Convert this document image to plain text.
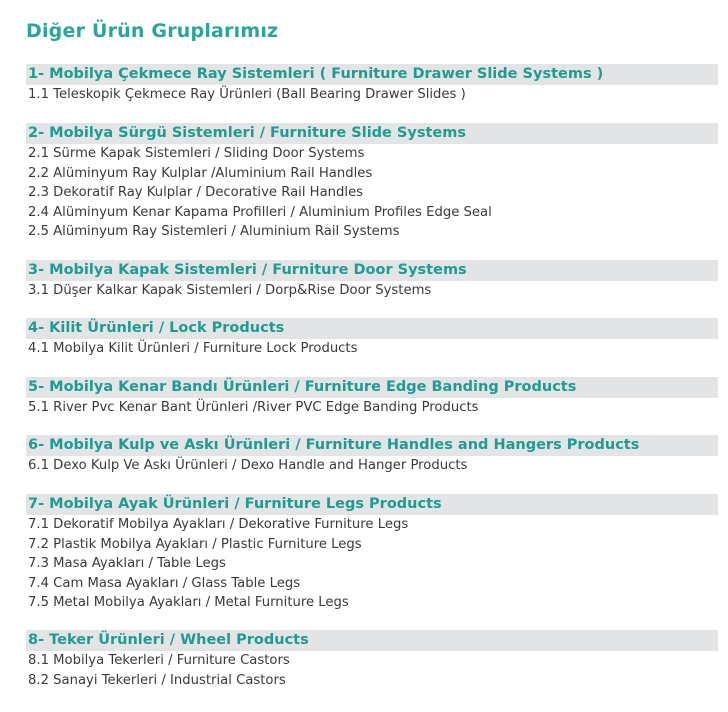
Diğer Ürün Gruplarımız
1- Mobilya Çekmece Ray Sistemleri ( Furniture Drawer Slide Systems )
1.1 Teleskopik Çekmece Ray Ürünleri (Ball Bearing Drawer Slides )
2- Mobilya Sürgü Sistemleri / Furniture Slide Systems
2.1 Sürme Kapak Sistemleri / Sliding Door Systems
2.2 Alüminyum Ray Kulplar /Aluminium Rail Handles
2.3 Dekoratif Ray Kulplar / Decorative Rail Handles
2.4 Alüminyum Kenar Kapama Profilleri / Aluminium Profiles Edge Seal
2.5 Alüminyum Ray Sistemleri / Aluminium Rail Systems
3- Mobilya Kapak Sistemleri / Furniture Door Systems
3.1 Düşer Kalkar Kapak Sistemleri / Dorp&Rise Door Systems
4- Kilit Ürünleri / Lock Products
4.1 Mobilya Kilit Ürünleri / Furniture Lock Products
5- Mobilya Kenar Bandı Ürünleri / Furniture Edge Banding Products
5.1 River Pvc Kenar Bant Ürünleri /River PVC Edge Banding Products
6- Mobilya Kulp ve Askı Ürünleri / Furniture Handles and Hangers Products
6.1 Dexo Kulp Ve Askı Ürünleri / Dexo Handle and Hanger Products
7- Mobilya Ayak Ürünleri / Furniture Legs Products
7.1 Dekoratif Mobilya Ayakları / Dekorative Furniture Legs
7.2 Plastik Mobilya Ayakları / Plastic Furniture Legs
7.3 Masa Ayakları / Table Legs
7.4 Cam Masa Ayakları / Glass Table Legs
7.5 Metal Mobilya Ayakları / Metal Furniture Legs
8- Teker Ürünleri / Wheel Products
8.1 Mobilya Tekerleri / Furniture Castors
8.2 Sanayi Tekerleri / Industrial Castors
